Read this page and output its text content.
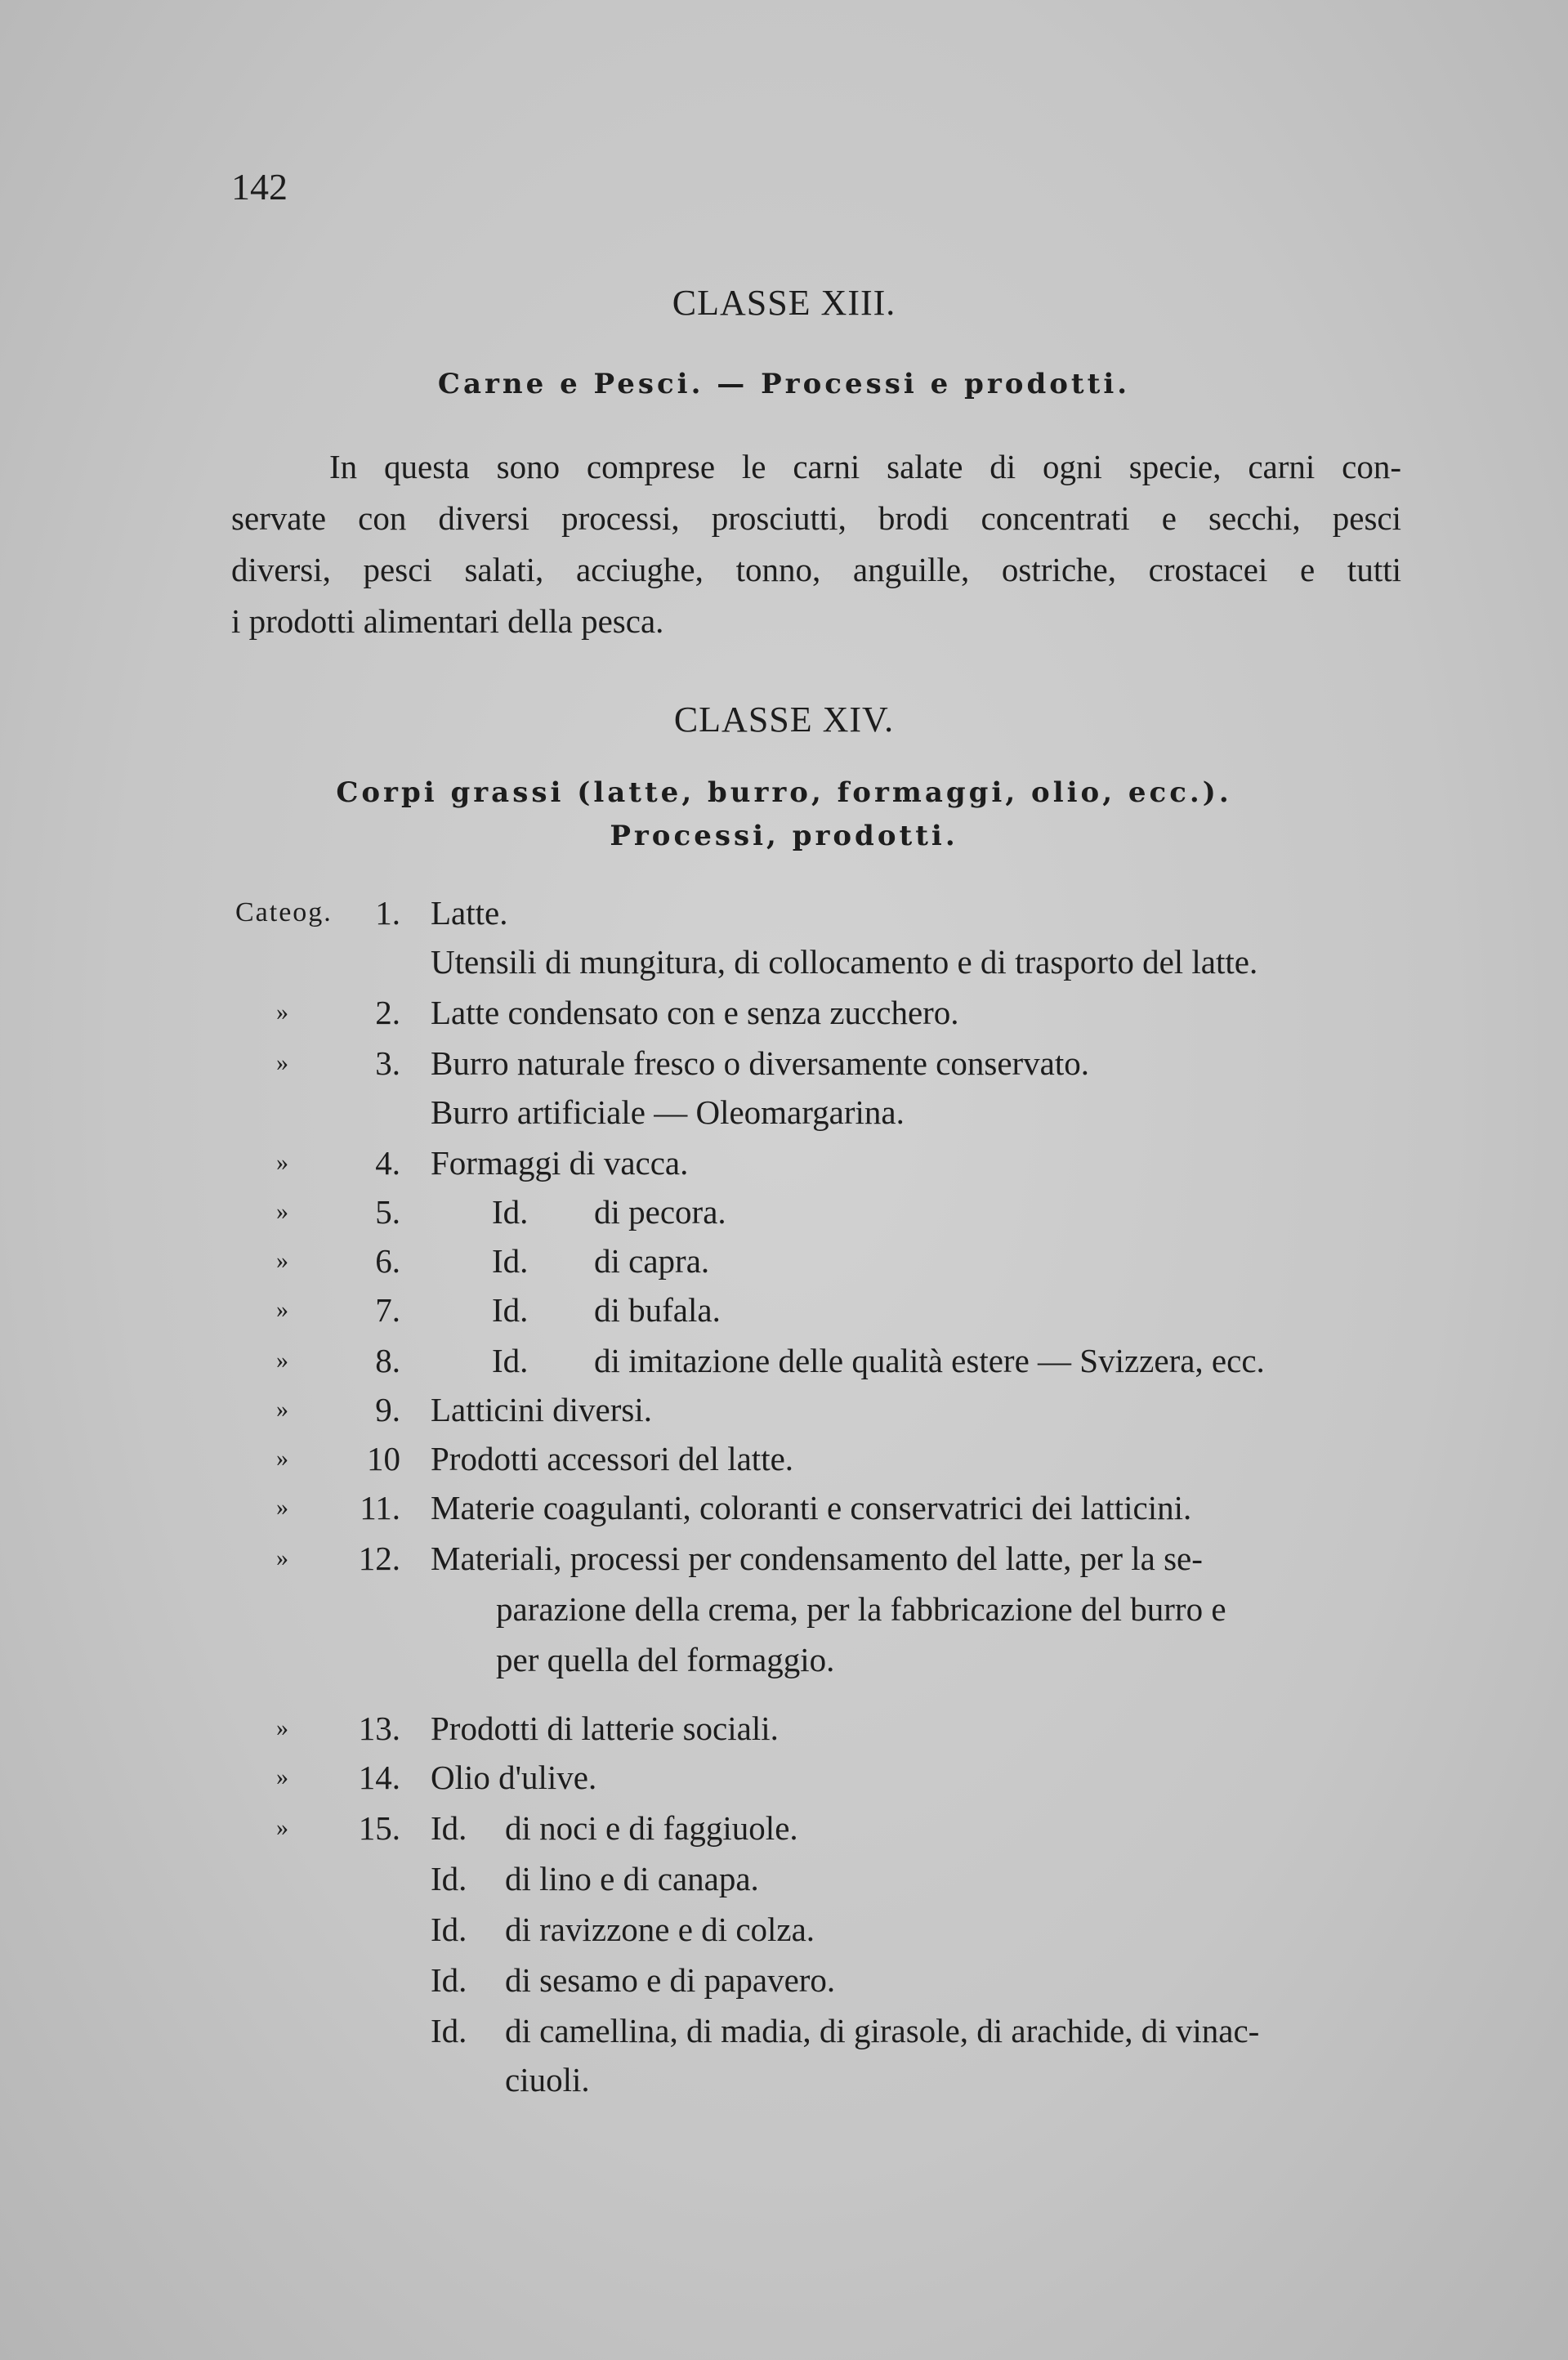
142
CLASSE XIII.
Carne e Pesci. — Processi e prodotti.
In questa sono comprese le carni salate di ogni specie, carni con-
servate con diversi processi, prosciutti, brodi concentrati e secchi, pesci
diversi, pesci salati, acciughe, tonno, anguille, ostriche, crostacei e tutti
i prodotti alimentari della pesca.
CLASSE XIV.
Corpi grassi (latte, burro, formaggi, olio, ecc.).
Processi, prodotti.
Cateog.	1. Latte.
Utensili di mungitura, di collocamento e di trasporto del latte.
»	2. Latte condensato con e senza zucchero.
»	3. Burro naturale fresco o diversamente conservato.
Burro artificiale — Oleomargarina.
»	4. Formaggi di vacca.
»	5.	Id. di pecora.
»	6.	Id. di capra.
»	7.	Id. di bufala.
»	8.	Id. di imitazione delle qualità estere — Svizzera, ecc.
»	9. Latticini diversi.
»	10 Prodotti accessori del latte.
» 11. Materie coagulanti, coloranti e conservatrici dei latticini.
» 12. Materiali, processi per condensamento del latte, per la se-
parazione della crema, per la fabbricazione del burro e
per quella del formaggio.
» 13. Prodotti di latterie sociali.
» 14. Olio d'ulive.
» 15. Id. di noci e di faggiuole.
Id. di lino e di canapa.
Id. di ravizzone e di colza.
Id. di sesamo e di papavero.
Id. di camellina, di madia, di girasole, di arachide, di vinac-
ciuoli.
